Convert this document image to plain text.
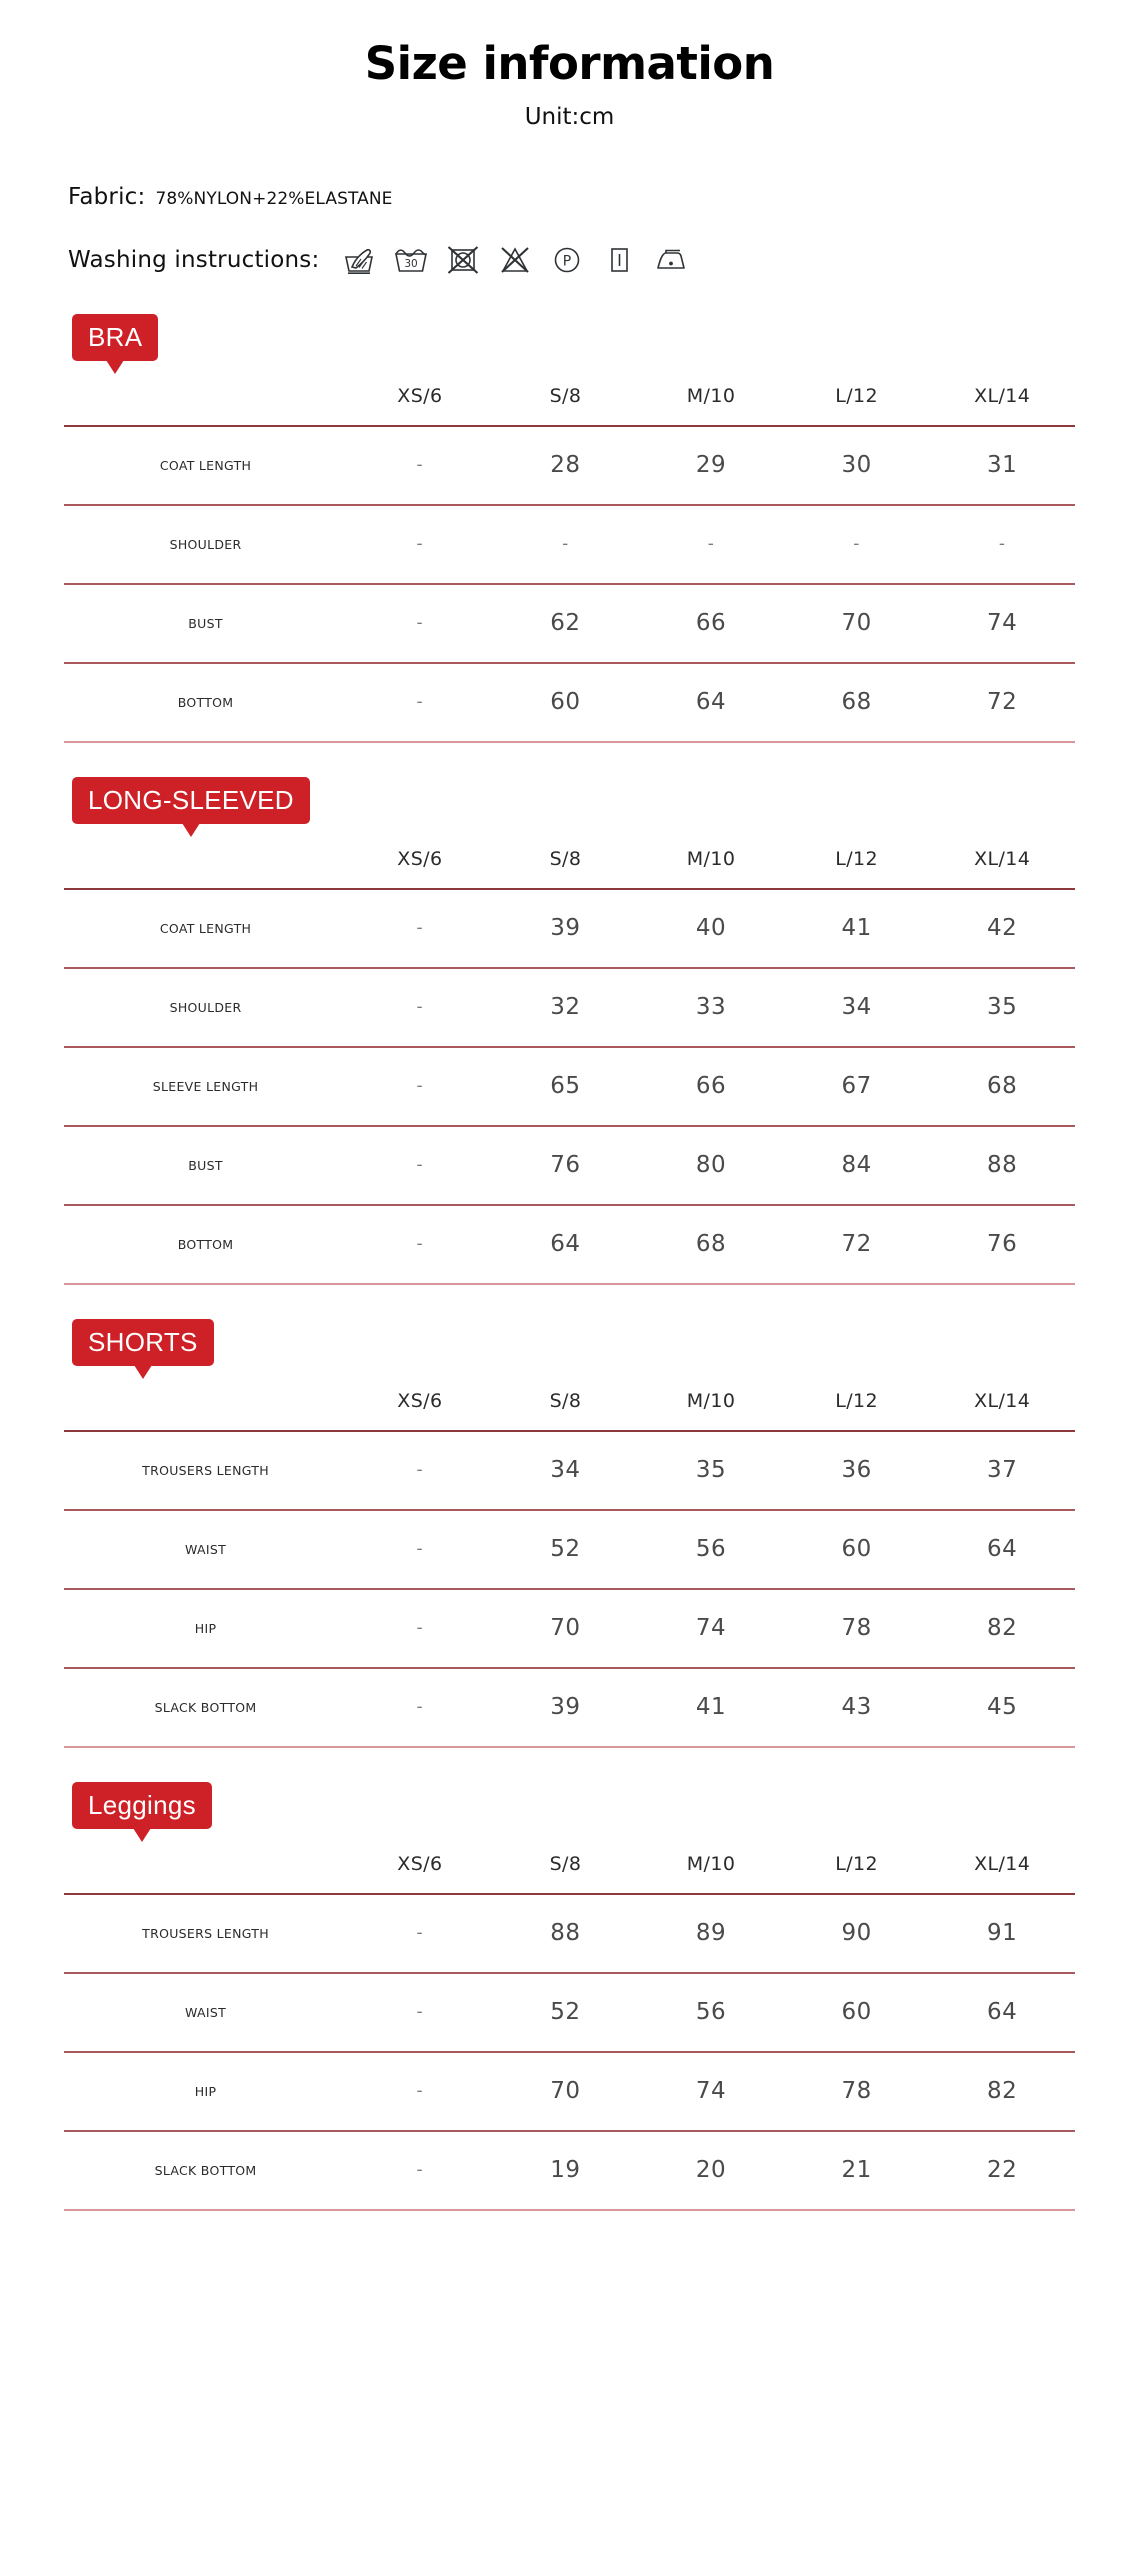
Size information
Unit:cm
Fabric: 78%NYLON+22%ELASTANE
Washing instructions:	30	P
BRA
	XS/6	S/8	M/10	L/12	XL/14
COAT LENGTH	-	28	29	30	31
SHOULDER	-	-	-	-	-
BUST	-	62	66	70	74
BOTTOM	-	60	64	68	72
LONG-SLEEVED
	XS/6	S/8	M/10	L/12	XL/14
COAT LENGTH	-	39	40	41	42
SHOULDER	-	32	33	34	35
SLEEVE LENGTH	-	65	66	67	68
BUST	-	76	80	84	88
BOTTOM	-	64	68	72	76
SHORTS
	XS/6	S/8	M/10	L/12	XL/14
TROUSERS LENGTH	-	34	35	36	37
WAIST	-	52	56	60	64
HIP	-	70	74	78	82
SLACK BOTTOM	-	39	41	43	45
Leggings
	XS/6	S/8	M/10	L/12	XL/14
TROUSERS LENGTH	-	88	89	90	91
WAIST	-	52	56	60	64
HIP	-	70	74	78	82
SLACK BOTTOM	-	19	20	21	22
